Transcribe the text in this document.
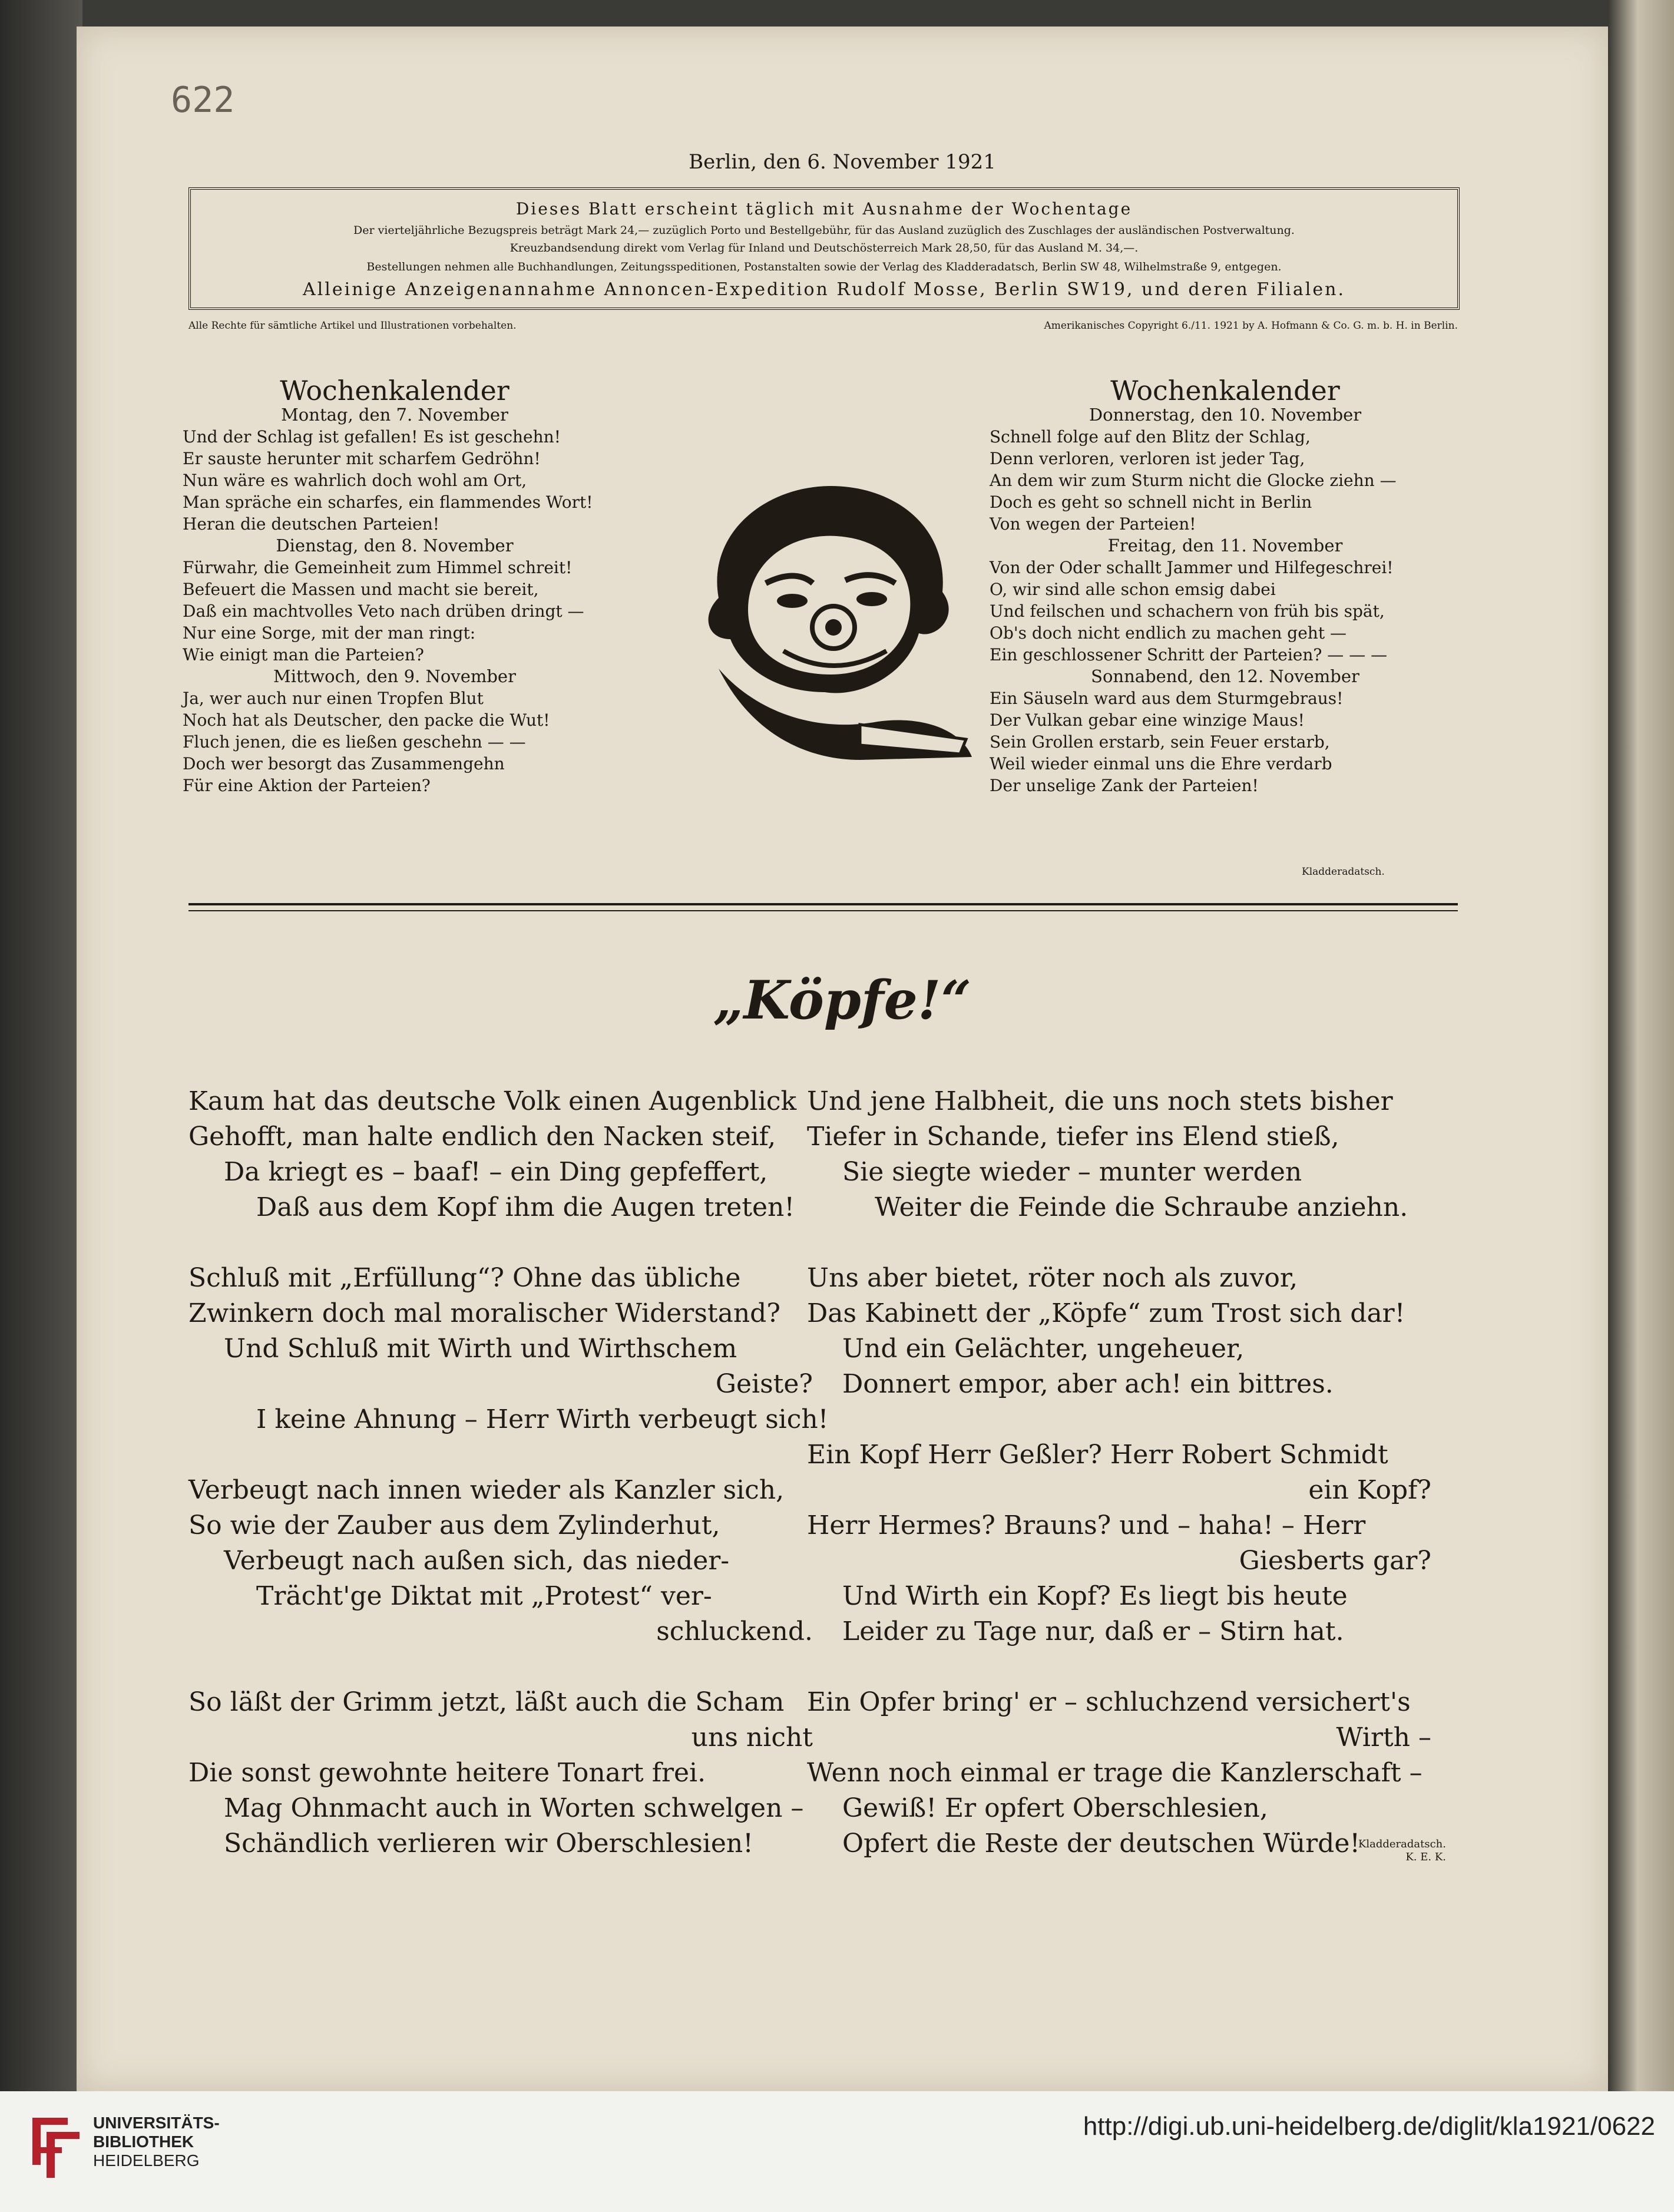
622
Berlin, den 6. November 1921
Dieses Blatt erscheint täglich mit Ausnahme der Wochentage
Der vierteljährliche Bezugspreis beträgt Mark 24,— zuzüglich Porto und Bestellgebühr, für das Ausland zuzüglich des Zuschlages der ausländischen Postverwaltung.
Kreuzbandsendung direkt vom Verlag für Inland und Deutschösterreich Mark 28,50, für das Ausland M. 34,—.
Bestellungen nehmen alle Buchhandlungen, Zeitungsspeditionen, Postanstalten sowie der Verlag des Kladderadatsch, Berlin SW 48, Wilhelmstraße 9, entgegen.
Alleinige Anzeigenannahme Annoncen-Expedition Rudolf Mosse, Berlin SW19, und deren Filialen.
Alle Rechte für sämtliche Artikel und Illustrationen vorbehalten.	Amerikanisches Copyright 6./11. 1921 by A. Hofmann & Co. G. m. b. H. in Berlin.
Wochenkalender
Montag, den 7. November
Und der Schlag ist gefallen! Es ist geschehn!
Er sauste herunter mit scharfem Gedröhn!
Nun wäre es wahrlich doch wohl am Ort,
Man spräche ein scharfes, ein flammendes Wort!
Heran die deutschen Parteien!
Dienstag, den 8. November
Fürwahr, die Gemeinheit zum Himmel schreit!
Befeuert die Massen und macht sie bereit,
Daß ein machtvolles Veto nach drüben dringt —
Nur eine Sorge, mit der man ringt:
Wie einigt man die Parteien?
Mittwoch, den 9. November
Ja, wer auch nur einen Tropfen Blut
Noch hat als Deutscher, den packe die Wut!
Fluch jenen, die es ließen geschehn — —
Doch wer besorgt das Zusammengehn
Für eine Aktion der Parteien?
Wochenkalender
Donnerstag, den 10. November
Schnell folge auf den Blitz der Schlag,
Denn verloren, verloren ist jeder Tag,
An dem wir zum Sturm nicht die Glocke ziehn —
Doch es geht so schnell nicht in Berlin
Von wegen der Parteien!
Freitag, den 11. November
Von der Oder schallt Jammer und Hilfegeschrei!
O, wir sind alle schon emsig dabei
Und feilschen und schachern von früh bis spät,
Ob's doch nicht endlich zu machen geht —
Ein geschlossener Schritt der Parteien? — — —
Sonnabend, den 12. November
Ein Säuseln ward aus dem Sturmgebraus!
Der Vulkan gebar eine winzige Maus!
Sein Grollen erstarb, sein Feuer erstarb,
Weil wieder einmal uns die Ehre verdarb
Der unselige Zank der Parteien!
Kladderadatsch.
„Köpfe!“
Kaum hat das deutsche Volk einen Augenblick
Gehofft, man halte endlich den Nacken steif,
Da kriegt es – baaf! – ein Ding gepfeffert,
Daß aus dem Kopf ihm die Augen treten!
Schluß mit „Erfüllung“? Ohne das übliche
Zwinkern doch mal moralischer Widerstand?
Und Schluß mit Wirth und Wirthschem
Geiste?
I keine Ahnung – Herr Wirth verbeugt sich!
Verbeugt nach innen wieder als Kanzler sich,
So wie der Zauber aus dem Zylinderhut,
Verbeugt nach außen sich, das nieder-
Trächt'ge Diktat mit „Protest“ ver-
schluckend.
So läßt der Grimm jetzt, läßt auch die Scham
uns nicht
Die sonst gewohnte heitere Tonart frei.
Mag Ohnmacht auch in Worten schwelgen –
Schändlich verlieren wir Oberschlesien!
Und jene Halbheit, die uns noch stets bisher
Tiefer in Schande, tiefer ins Elend stieß,
Sie siegte wieder – munter werden
Weiter die Feinde die Schraube anziehn.
Uns aber bietet, röter noch als zuvor,
Das Kabinett der „Köpfe“ zum Trost sich dar!
Und ein Gelächter, ungeheuer,
Donnert empor, aber ach! ein bittres.
Ein Kopf Herr Geßler? Herr Robert Schmidt
ein Kopf?
Herr Hermes? Brauns? und – haha! – Herr
Giesberts gar?
Und Wirth ein Kopf? Es liegt bis heute
Leider zu Tage nur, daß er – Stirn hat.
Ein Opfer bring' er – schluchzend versichert's
Wirth –
Wenn noch einmal er trage die Kanzlerschaft –
Gewiß! Er opfert Oberschlesien,
Opfert die Reste der deutschen Würde!
Kladderadatsch.
K. E. K.
UNIVERSITÄTS-
BIBLIOTHEK
HEIDELBERG
http://digi.ub.uni-heidelberg.de/diglit/kla1921/0622
